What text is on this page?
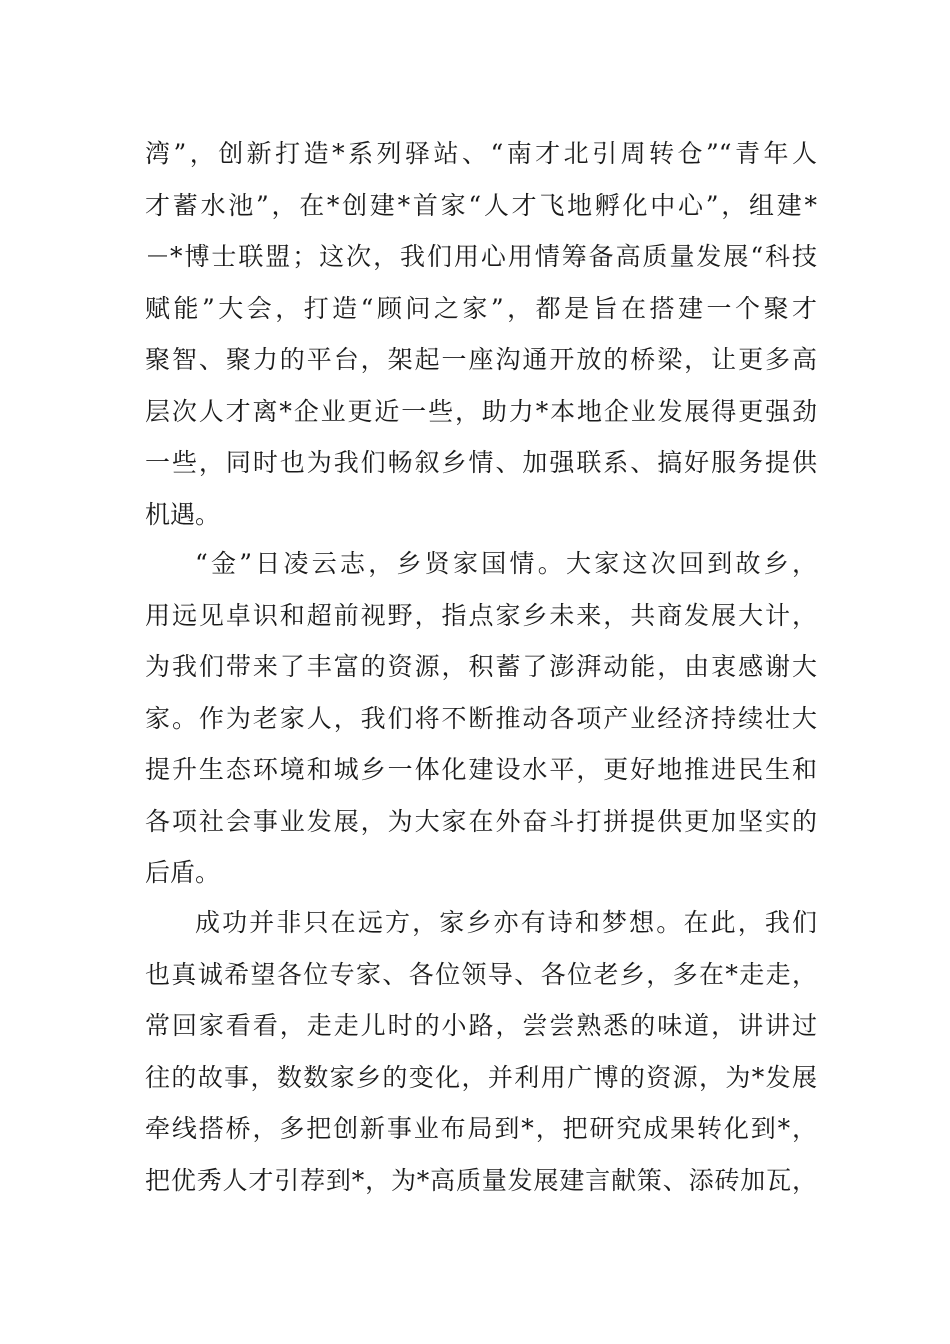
湾”，创新打造*系列驿站、“南才北引周转仓”“青年人
才蓄水池”，在*创建*首家“人才飞地孵化中心”，组建*
－*博士联盟；这次，我们用心用情筹备高质量发展“科技
赋能”大会，打造“顾问之家”，都是旨在搭建一个聚才
聚智、聚力的平台，架起一座沟通开放的桥梁，让更多高
层次人才离*企业更近一些，助力*本地企业发展得更强劲
一些，同时也为我们畅叙乡情、加强联系、搞好服务提供
机遇。
“金”日凌云志，乡贤家国情。大家这次回到故乡，
用远见卓识和超前视野，指点家乡未来，共商发展大计，
为我们带来了丰富的资源，积蓄了澎湃动能，由衷感谢大
家。作为老家人，我们将不断推动各项产业经济持续壮大
提升生态环境和城乡一体化建设水平，更好地推进民生和
各项社会事业发展，为大家在外奋斗打拼提供更加坚实的
后盾。
成功并非只在远方，家乡亦有诗和梦想。在此，我们
也真诚希望各位专家、各位领导、各位老乡，多在*走走，
常回家看看，走走儿时的小路，尝尝熟悉的味道，讲讲过
往的故事，数数家乡的变化，并利用广博的资源，为*发展
牵线搭桥，多把创新事业布局到*，把研究成果转化到*，
把优秀人才引荐到*，为*高质量发展建言献策、添砖加瓦，
